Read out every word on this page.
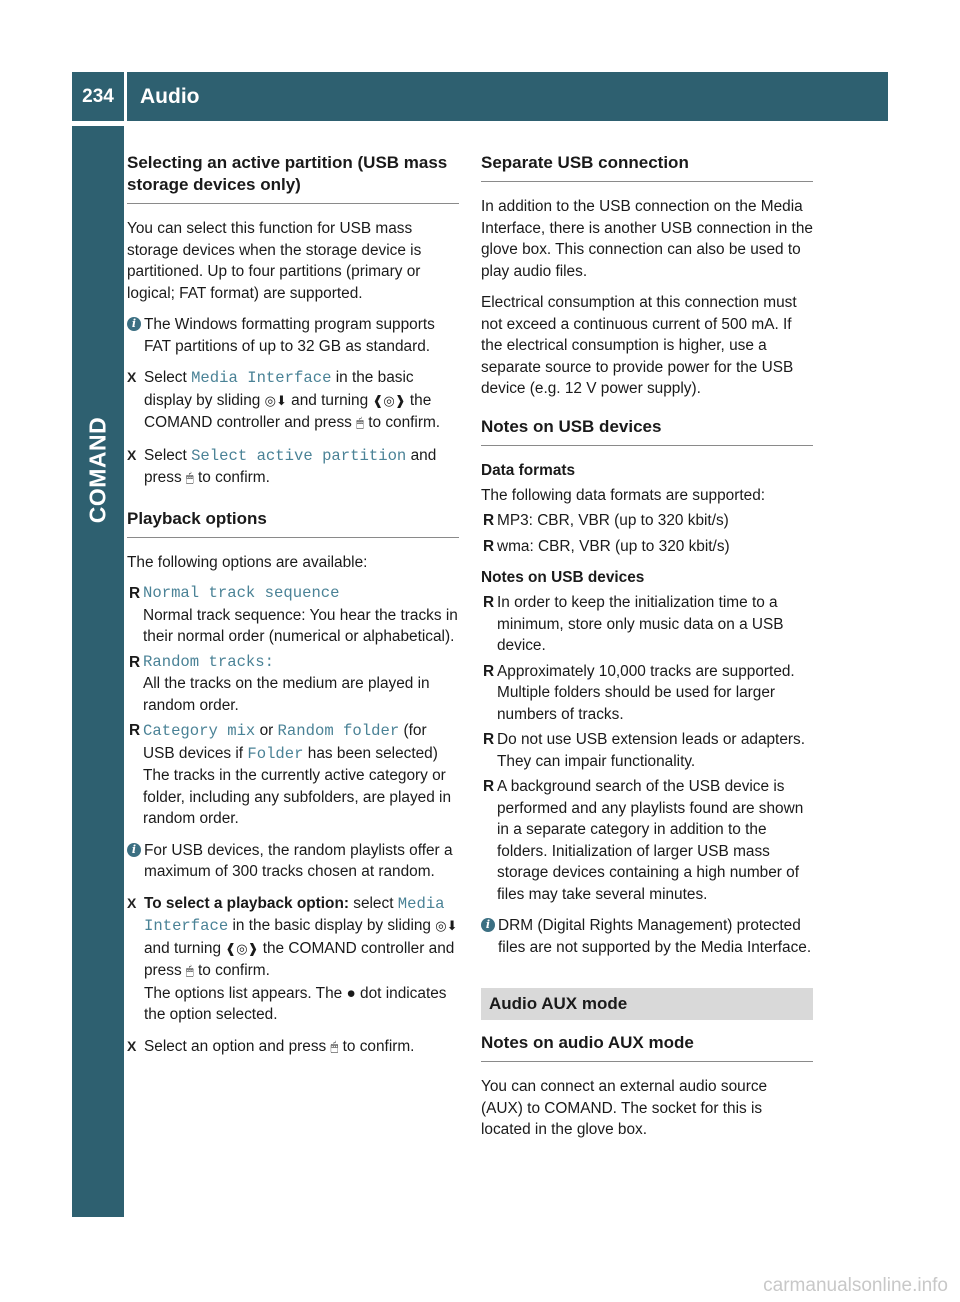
234	Audio
COMAND
Selecting an active partition (USB mass storage devices only)

You can select this function for USB mass storage devices when the storage device is partitioned. Up to four partitions (primary or logical; FAT format) are supported.

i The Windows formatting program supports FAT partitions of up to 32 GB as standard.
X Select Media Interface in the basic display by sliding ◎⬇ and turning ❰◎❱ the COMAND controller and press 🖱 to confirm.
X Select Select active partition and press 🖱 to confirm.
Playback options

The following options are available:

R Normal track sequence

Normal track sequence: You hear the tracks in their normal order (numerical or alphabetical).

R Random tracks:

All the tracks on the medium are played in random order.

R Category mix or Random folder (for USB devices if Folder has been selected)

The tracks in the currently active category or folder, including any subfolders, are played in random order.

i For USB devices, the random playlists offer a maximum of 300 tracks chosen at random.
X To select a playback option: select Media Interface in the basic display by sliding ◎⬇ and turning ❰◎❱ the COMAND controller and press 🖱 to confirm.
The options list appears. The ● dot indicates the option selected.
X Select an option and press 🖱 to confirm.
Separate USB connection

In addition to the USB connection on the Media Interface, there is another USB connection in the glove box. This connection can also be used to play audio files.

Electrical consumption at this connection must not exceed a continuous current of 500 mA. If the electrical consumption is higher, use a separate source to provide power for the USB device (e.g. 12 V power supply).

Notes on USB devices
Data formats

The following data formats are supported:

R MP3: CBR, VBR (up to 320 kbit/s)
R wma: CBR, VBR (up to 320 kbit/s)
Notes on USB devices
R In order to keep the initialization time to a minimum, store only music data on a USB device.
R Approximately 10,000 tracks are supported. Multiple folders should be used for larger numbers of tracks.
R Do not use USB extension leads or adapters. They can impair functionality.
R A background search of the USB device is performed and any playlists found are shown in a separate category in addition to the folders. Initialization of larger USB mass storage devices containing a high number of files may take several minutes.
i DRM (Digital Rights Management) protected files are not supported by the Media Interface.
Audio AUX mode
Notes on audio AUX mode

You can connect an external audio source (AUX) to COMAND. The socket for this is located in the glove box.

carmanualsonline.info
